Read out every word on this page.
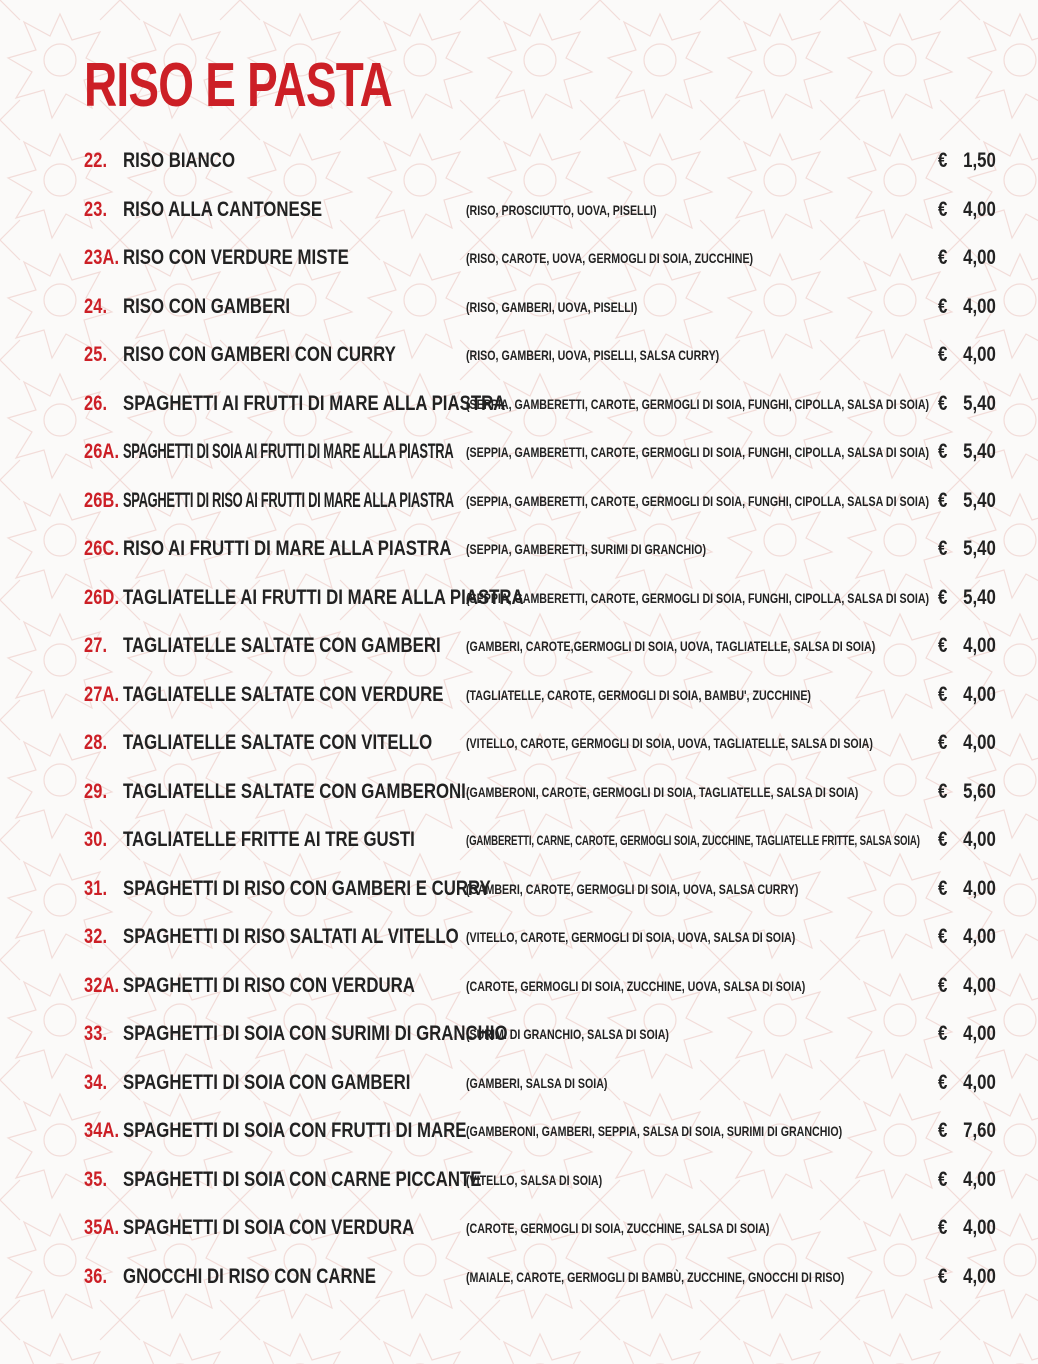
RISO E PASTA
22. RISO BIANCO	€ 1,50
23. RISO ALLA CANTONESE	(RISO, PROSCIUTTO, UOVA, PISELLI)	€ 4,00
23A. RISO CON VERDURE MISTE	(RISO, CAROTE, UOVA, GERMOGLI DI SOIA, ZUCCHINE)	€ 4,00
24. RISO CON GAMBERI	(RISO, GAMBERI, UOVA, PISELLI)	€ 4,00
25. RISO CON GAMBERI CON CURRY	(RISO, GAMBERI, UOVA, PISELLI, SALSA CURRY)	€ 4,00
26. SPAGHETTI AI FRUTTI DI MARE ALLA PIASTRA
(SEPPIA, GAMBERETTI, CAROTE, GERMOGLI DI SOIA, FUNGHI, CIPOLLA, SALSA DI SOIA) € 5,40
26A. SPAGHETTI DI SOIA AI FRUTTI DI MARE ALLA PIASTRA (SEPPIA, GAMBERETTI, CAROTE, GERMOGLI DI SOIA, FUNGHI, CIPOLLA, SALSA DI SOIA) € 5,40
26B. SPAGHETTI DI RISO AI FRUTTI DI MARE ALLA PIASTRA (SEPPIA, GAMBERETTI, CAROTE, GERMOGLI DI SOIA, FUNGHI, CIPOLLA, SALSA DI SOIA) € 5,40
26C. RISO AI FRUTTI DI MARE ALLA PIASTRA (SEPPIA, GAMBERETTI, SURIMI DI GRANCHIO)	€ 5,40
26D. TAGLIATELLE AI FRUTTI DI MARE ALLA PIASTRA
(SEPPIA, GAMBERETTI, CAROTE, GERMOGLI DI SOIA, FUNGHI, CIPOLLA, SALSA DI SOIA) € 5,40
27. TAGLIATELLE SALTATE CON GAMBERI (GAMBERI, CAROTE,GERMOGLI DI SOIA, UOVA, TAGLIATELLE, SALSA DI SOIA)	€ 4,00
27A. TAGLIATELLE SALTATE CON VERDURE (TAGLIATELLE, CAROTE, GERMOGLI DI SOIA, BAMBU', ZUCCHINE)	€ 4,00
28. TAGLIATELLE SALTATE CON VITELLO (VITELLO, CAROTE, GERMOGLI DI SOIA, UOVA, TAGLIATELLE, SALSA DI SOIA)	€ 4,00
29. TAGLIATELLE SALTATE CON GAMBERONI (GAMBERONI, CAROTE, GERMOGLI DI SOIA, TAGLIATELLE, SALSA DI SOIA)	€ 5,60
30. TAGLIATELLE FRITTE AI TRE GUSTI	(GAMBERETTI, CARNE, CAROTE, GERMOGLI SOIA, ZUCCHINE, TAGLIATELLE FRITTE, SALSA SOIA) € 4,00
31. SPAGHETTI DI RISO CON GAMBERI E CURRY
(GAMBERI, CAROTE, GERMOGLI DI SOIA, UOVA, SALSA CURRY)	€ 4,00
32. SPAGHETTI DI RISO SALTATI AL VITELLO (VITELLO, CAROTE, GERMOGLI DI SOIA, UOVA, SALSA DI SOIA)	€ 4,00
32A. SPAGHETTI DI RISO CON VERDURA	(CAROTE, GERMOGLI DI SOIA, ZUCCHINE, UOVA, SALSA DI SOIA)	€ 4,00
33. SPAGHETTI DI SOIA CON SURIMI DI GRANCHIO
(SURIMI DI GRANCHIO, SALSA DI SOIA)	€ 4,00
34. SPAGHETTI DI SOIA CON GAMBERI	(GAMBERI, SALSA DI SOIA)	€ 4,00
34A. SPAGHETTI DI SOIA CON FRUTTI DI MARE (GAMBERONI, GAMBERI, SEPPIA, SALSA DI SOIA, SURIMI DI GRANCHIO)	€ 7,60
35. SPAGHETTI DI SOIA CON CARNE PICCANTE
(VITELLO, SALSA DI SOIA)	€ 4,00
35A. SPAGHETTI DI SOIA CON VERDURA	(CAROTE, GERMOGLI DI SOIA, ZUCCHINE, SALSA DI SOIA)	€ 4,00
36. GNOCCHI DI RISO CON CARNE	(MAIALE, CAROTE, GERMOGLI DI BAMBÙ, ZUCCHINE, GNOCCHI DI RISO)	€ 4,00
